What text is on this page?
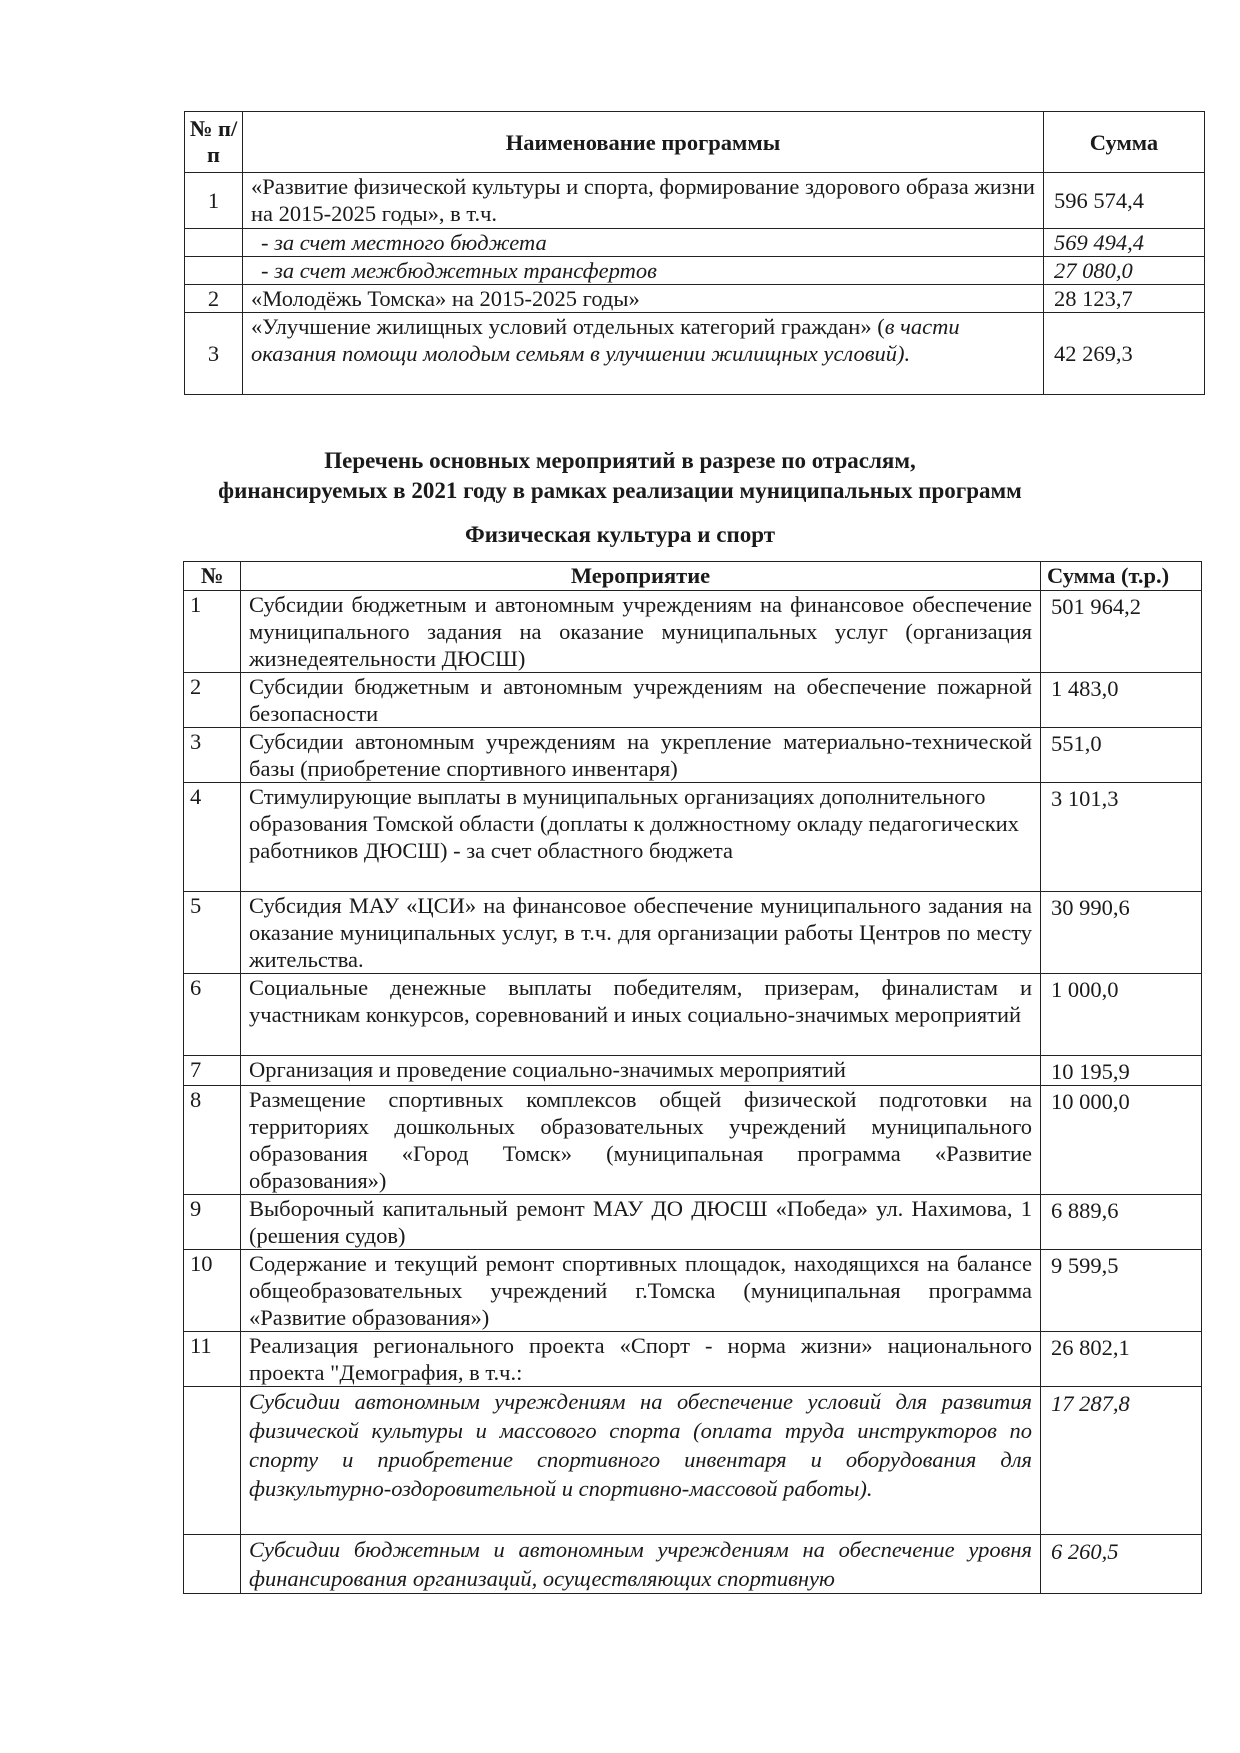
№ п/п	Наименование программы	Сумма
1	«Развитие физической культуры и спорта, формирование здорового образа жизни на 2015-2025 годы», в т.ч.	596 574,4
	- за счет местного бюджета	569 494,4
	- за счет межбюджетных трансфертов	27 080,0
2	«Молодёжь Томска» на 2015-2025 годы»	28 123,7
3	«Улучшение жилищных условий отдельных категорий граждан» (в части оказания помощи молодым семьям в улучшении жилищных условий).	42 269,3
Перечень основных мероприятий в разрезе по отраслям,
финансируемых в 2021 году в рамках реализации муниципальных программ
Физическая культура и спорт
№	Мероприятие	Сумма (т.р.)
1	Субсидии бюджетным и автономным учреждениям на финансовое обеспечение муниципального задания на оказание муниципальных услуг (организация жизнедеятельности ДЮСШ)	501 964,2
2	Субсидии бюджетным и автономным учреждениям на обеспечение пожарной безопасности	1 483,0
3	Субсидии автономным учреждениям на укрепление материально-технической базы (приобретение спортивного инвентаря)	551,0
4	Стимулирующие выплаты в муниципальных организациях дополнительного образования Томской области (доплаты к должностному окладу педагогических работников ДЮСШ) - за счет областного бюджета	3 101,3
5	Субсидия МАУ «ЦСИ» на финансовое обеспечение муниципального задания на оказание муниципальных услуг, в т.ч. для организации работы Центров по месту жительства.	30 990,6
6	Социальные денежные выплаты победителям, призерам, финалистам и участникам конкурсов, соревнований и иных социально-значимых мероприятий	1 000,0
7	Организация и проведение социально-значимых мероприятий	10 195,9
8	Размещение спортивных комплексов общей физической подготовки на территориях дошкольных образовательных учреждений муниципального образования «Город Томск» (муниципальная программа «Развитие образования»)	10 000,0
9	Выборочный капитальный ремонт МАУ ДО ДЮСШ «Победа» ул. Нахимова, 1 (решения судов)	6 889,6
10	Содержание и текущий ремонт спортивных площадок, находящихся на балансе общеобразовательных учреждений г.Томска (муниципальная программа «Развитие образования»)	9 599,5
11	Реализация регионального проекта «Спорт - норма жизни» национального проекта "Демография, в т.ч.:	26 802,1
	Субсидии автономным учреждениям на обеспечение условий для развития физической культуры и массового спорта (оплата труда инструкторов по спорту и приобретение спортивного инвентаря и оборудования для физкультурно-оздоровительной и спортивно-массовой работы).	17 287,8
	Субсидии бюджетным и автономным учреждениям на обеспечение уровня финансирования организаций, осуществляющих спортивную	6 260,5
